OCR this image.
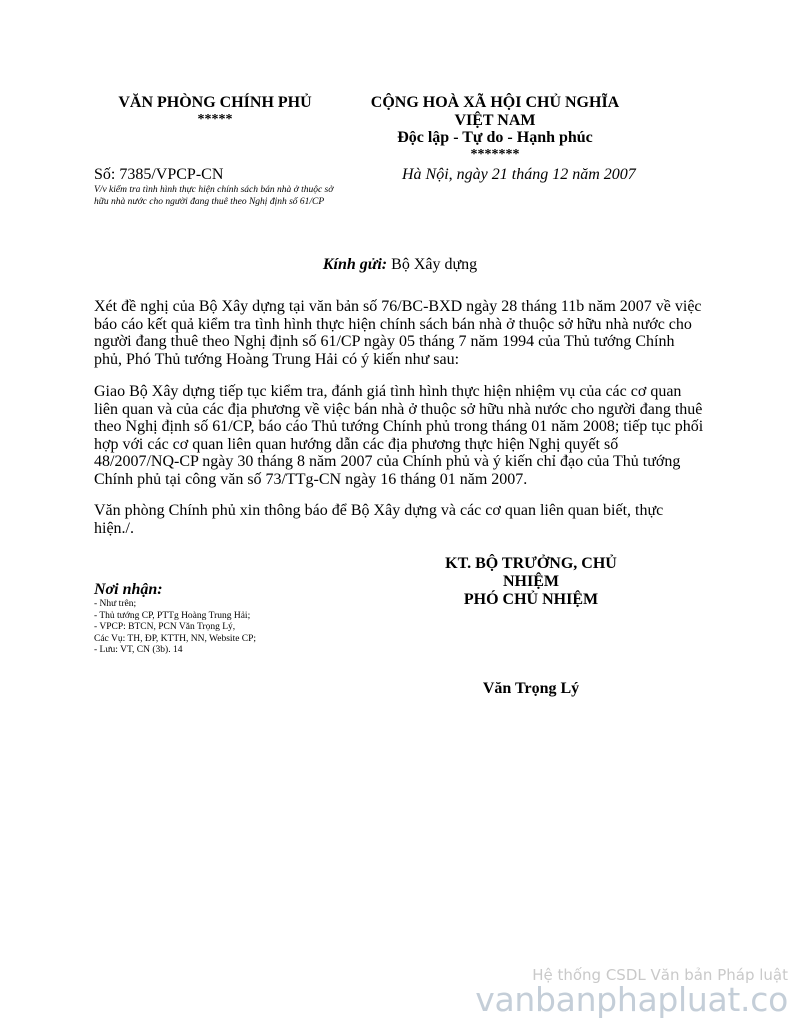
VĂN PHÒNG CHÍNH PHỦ
*****
CỘNG HOÀ XÃ HỘI CHỦ NGHĨA
VIỆT NAM
Độc lập - Tự do - Hạnh phúc
*******
Số: 7385/VPCP-CN
V/v kiểm tra tình hình thực hiện chính sách bán nhà ở thuộc sở hữu nhà nước cho người đang thuê theo Nghị định số 61/CP
Hà Nội, ngày 21 tháng 12 năm 2007
Kính gửi: Bộ Xây dựng
Xét đề nghị của Bộ Xây dựng tại văn bản số 76/BC-BXD ngày 28 tháng 11b năm 2007 về việc báo cáo kết quả kiểm tra tình hình thực hiện chính sách bán nhà ở thuộc sở hữu nhà nước cho người đang thuê theo Nghị định số 61/CP ngày 05 tháng 7 năm 1994 của Thủ tướng Chính phủ, Phó Thủ tướng Hoàng Trung Hải có ý kiến như sau:
Giao Bộ Xây dựng tiếp tục kiểm tra, đánh giá tình hình thực hiện nhiệm vụ của các cơ quan liên quan và của các địa phương về việc bán nhà ở thuộc sở hữu nhà nước cho người đang thuê theo Nghị định số 61/CP, báo cáo Thủ tướng Chính phủ trong tháng 01 năm 2008; tiếp tục phối hợp với các cơ quan liên quan hướng dẫn các địa phương thực hiện Nghị quyết số 48/2007/NQ-CP ngày 30 tháng 8 năm 2007 của Chính phủ và ý kiến chỉ đạo của Thủ tướng Chính phủ tại công văn số 73/TTg-CN ngày 16 tháng 01 năm 2007.
Văn phòng Chính phủ xin thông báo để Bộ Xây dựng và các cơ quan liên quan biết, thực hiện./.
KT. BỘ TRƯỞNG, CHỦ
NHIỆM
PHÓ CHỦ NHIỆM
Văn Trọng Lý
Nơi nhận:
- Như trên;
- Thủ tướng CP, PTTg Hoàng Trung Hải;
- VPCP: BTCN, PCN Văn Trọng Lý,
Các Vụ: TH, ĐP, KTTH, NN, Website CP;
- Lưu: VT, CN (3b). 14
Hệ thống CSDL Văn bản Pháp luật
vanbanphapluat.co
